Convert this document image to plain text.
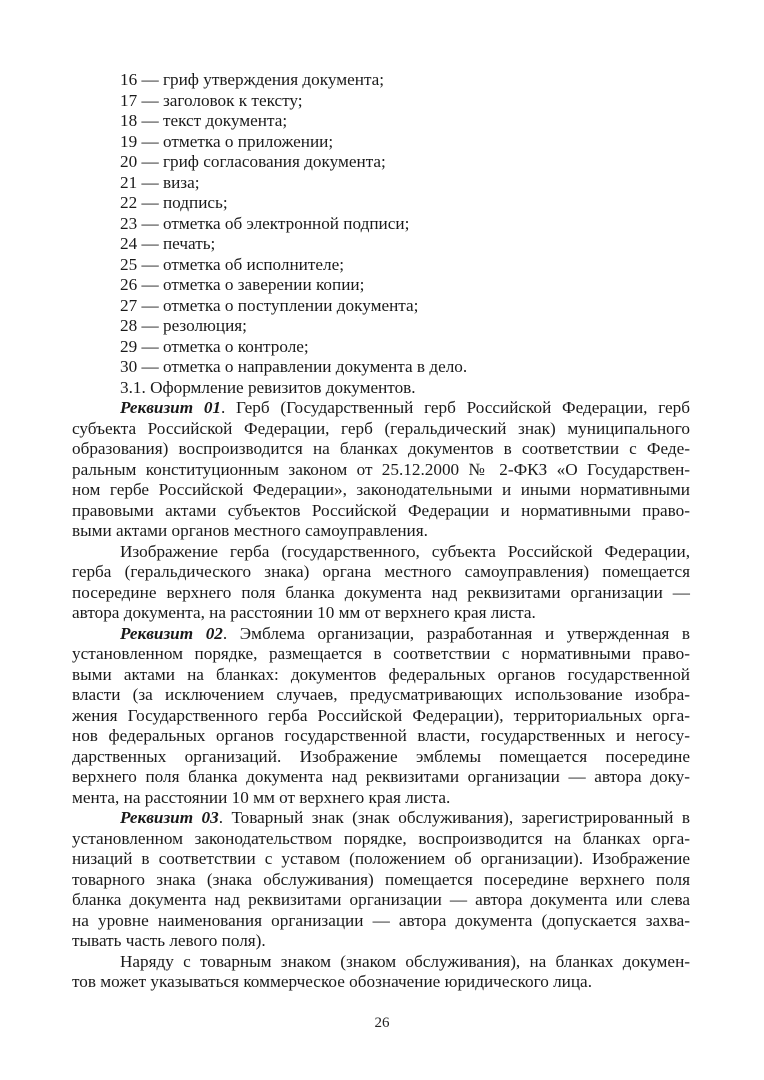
16 — гриф утверждения документа;
17 — заголовок к тексту;
18 — текст документа;
19 — отметка о приложении;
20 — гриф согласования документа;
21 — виза;
22 — подпись;
23 — отметка об электронной подписи;
24 — печать;
25 — отметка об исполнителе;
26 — отметка о заверении копии;
27 — отметка о поступлении документа;
28 — резолюция;
29 — отметка о контроле;
30 — отметка о направлении документа в дело.
3.1. Оформление ревизитов документов.
Реквизит 01. Герб (Государственный герб Российской Федерации, герб
субъекта Российской Федерации, герб (геральдический знак) муниципального
образования) воспроизводится на бланках документов в соответствии с Феде-
ральным конституционным законом от 25.12.2000 № 2-ФКЗ «О Государствен-
ном гербе Российской Федерации», законодательными и иными нормативными
правовыми актами субъектов Российской Федерации и нормативными право-
выми актами органов местного самоуправления.
Изображение герба (государственного, субъекта Российской Федерации,
герба (геральдического знака) органа местного самоуправления) помещается
посередине верхнего поля бланка документа над реквизитами организации —
автора документа, на расстоянии 10 мм от верхнего края листа.
Реквизит 02. Эмблема организации, разработанная и утвержденная в
установленном порядке, размещается в соответствии с нормативными право-
выми актами на бланках: документов федеральных органов государственной
власти (за исключением случаев, предусматривающих использование изобра-
жения Государственного герба Российской Федерации), территориальных орга-
нов федеральных органов государственной власти, государственных и негосу-
дарственных организаций. Изображение эмблемы помещается посередине
верхнего поля бланка документа над реквизитами организации — автора доку-
мента, на расстоянии 10 мм от верхнего края листа.
Реквизит 03. Товарный знак (знак обслуживания), зарегистрированный в
установленном законодательством порядке, воспроизводится на бланках орга-
низаций в соответствии с уставом (положением об организации). Изображение
товарного знака (знака обслуживания) помещается посередине верхнего поля
бланка документа над реквизитами организации — автора документа или слева
на уровне наименования организации — автора документа (допускается захва-
тывать часть левого поля).
Наряду с товарным знаком (знаком обслуживания), на бланках докумен-
тов может указываться коммерческое обозначение юридического лица.
26
